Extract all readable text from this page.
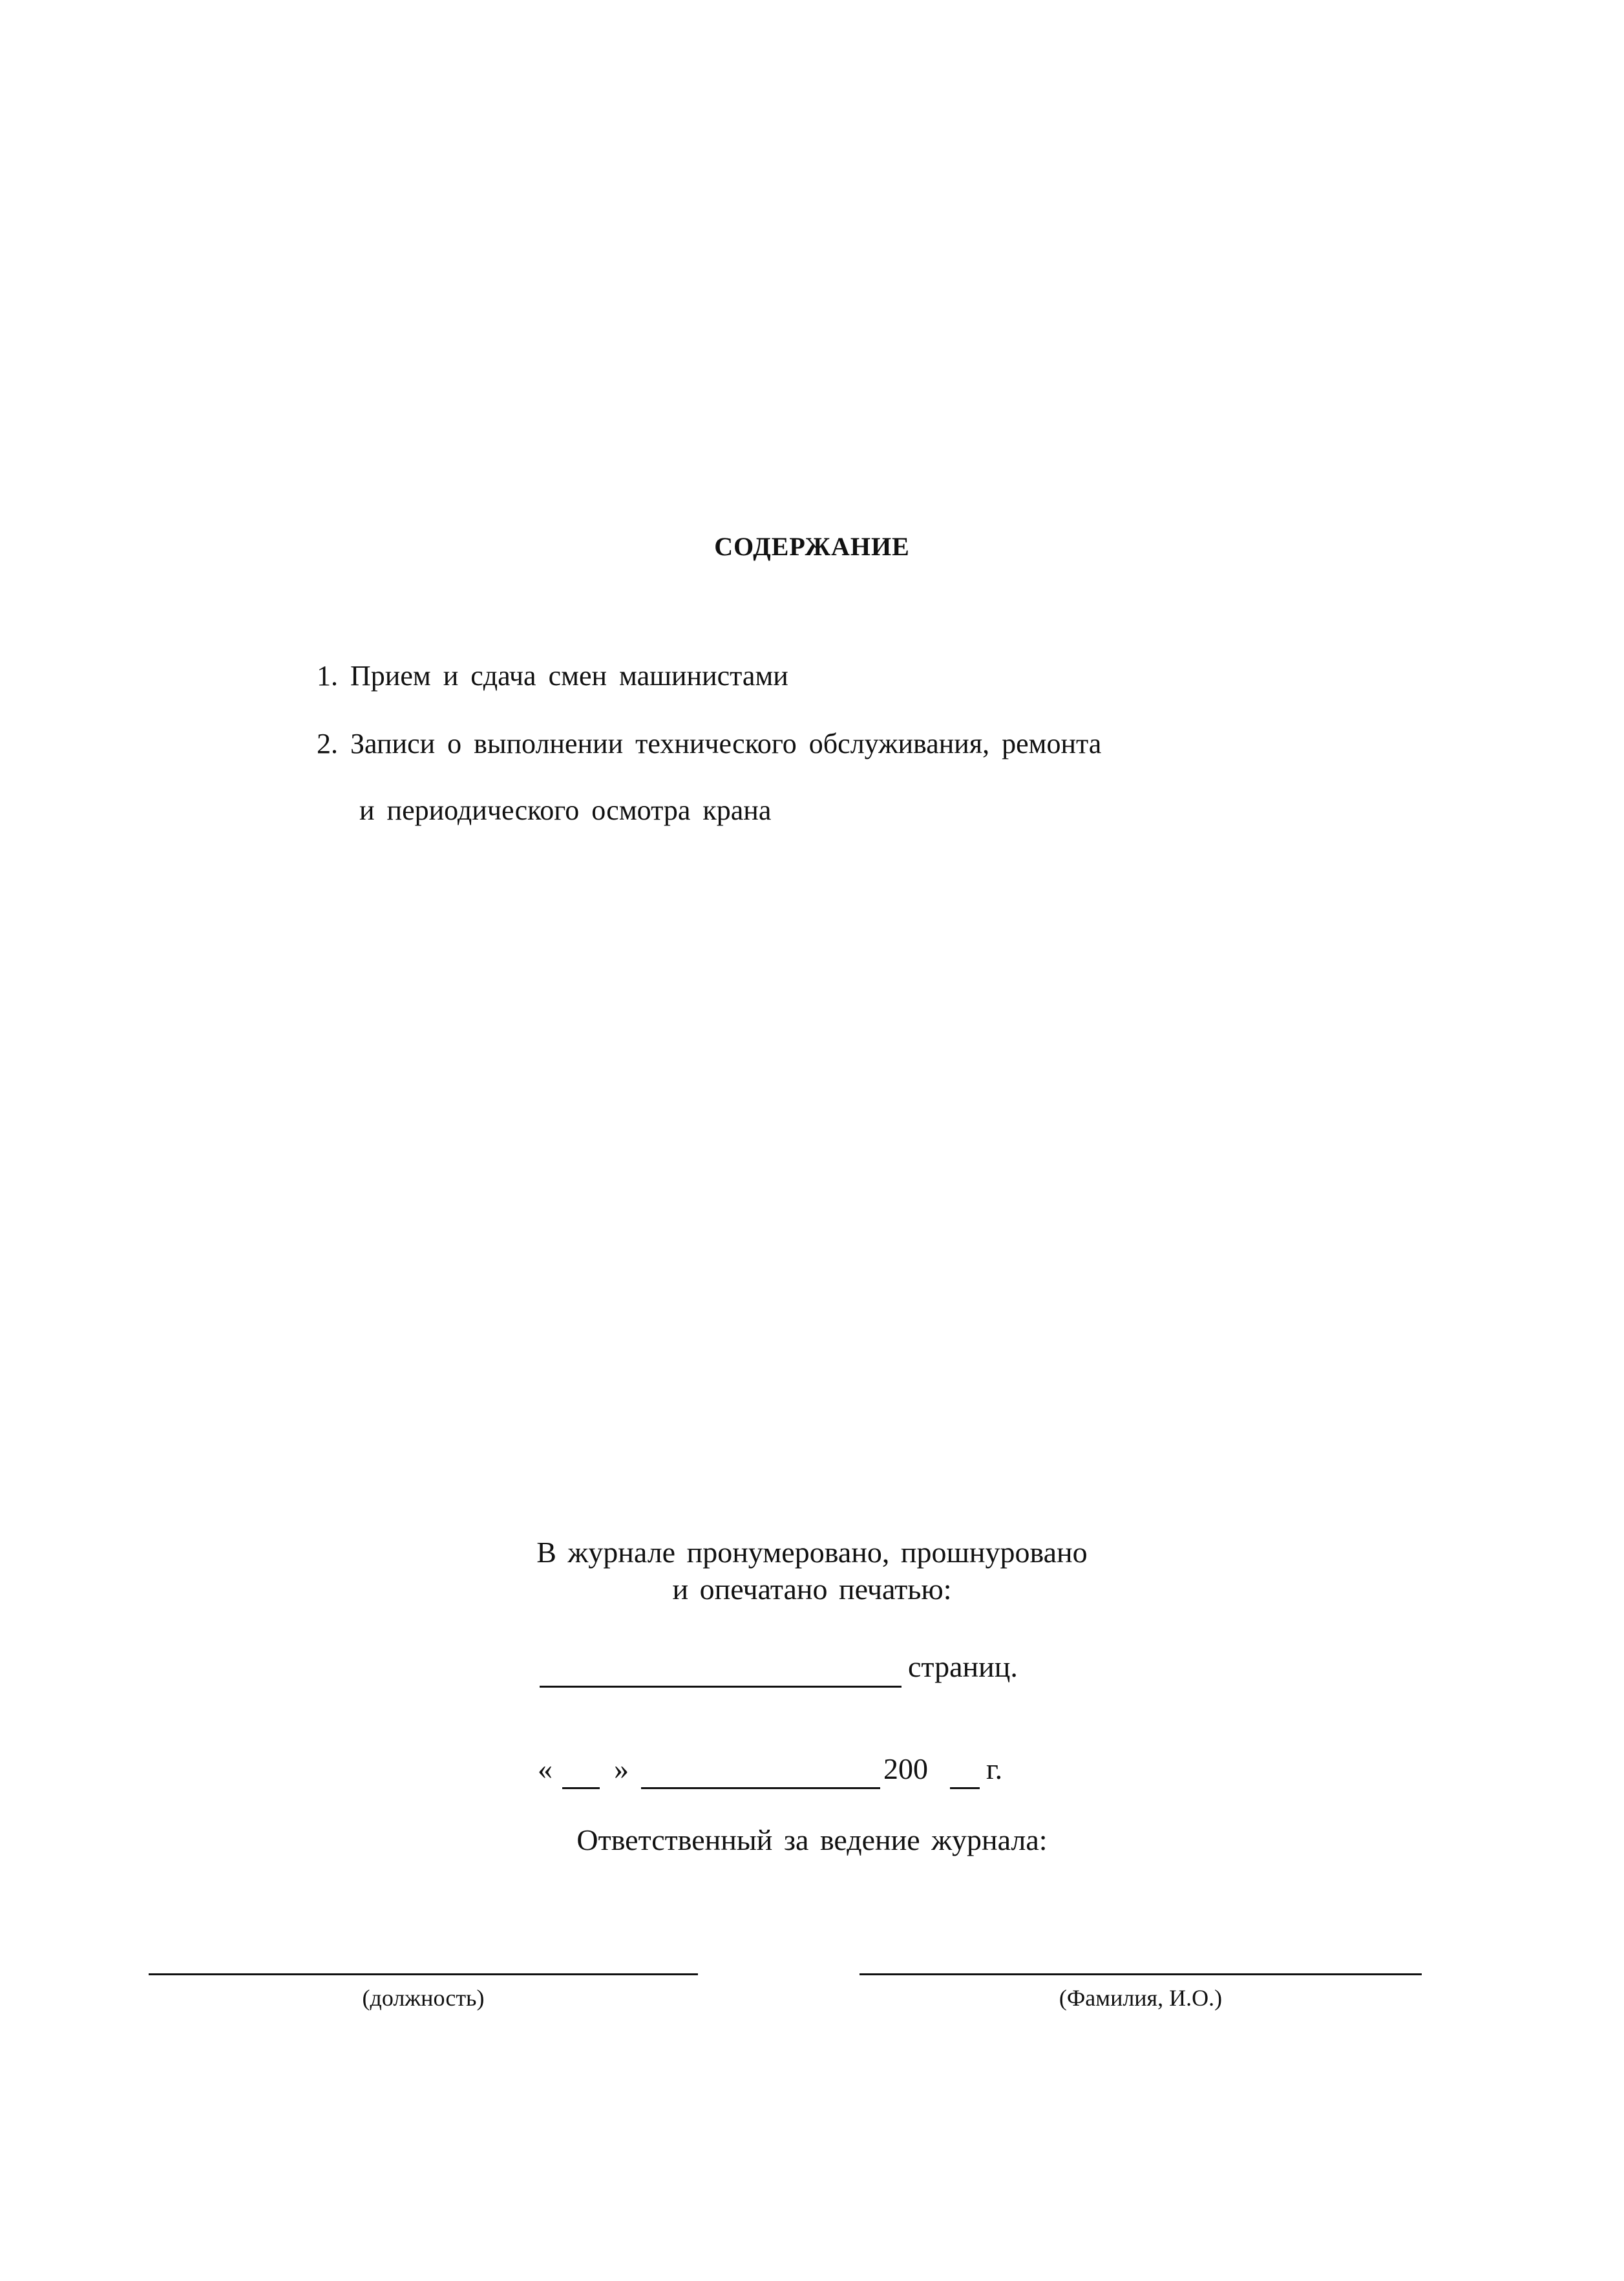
СОДЕРЖАНИЕ
1. Прием и сдача смен машинистами
2. Записи о выполнении технического обслуживания, ремонта
и периодического осмотра крана
В журнале пронумеровано, прошнуровано
и опечатано печатью:
страниц.
« »	200 г.
Ответственный за ведение журнала:
(должность)	(Фамилия, И.О.)
